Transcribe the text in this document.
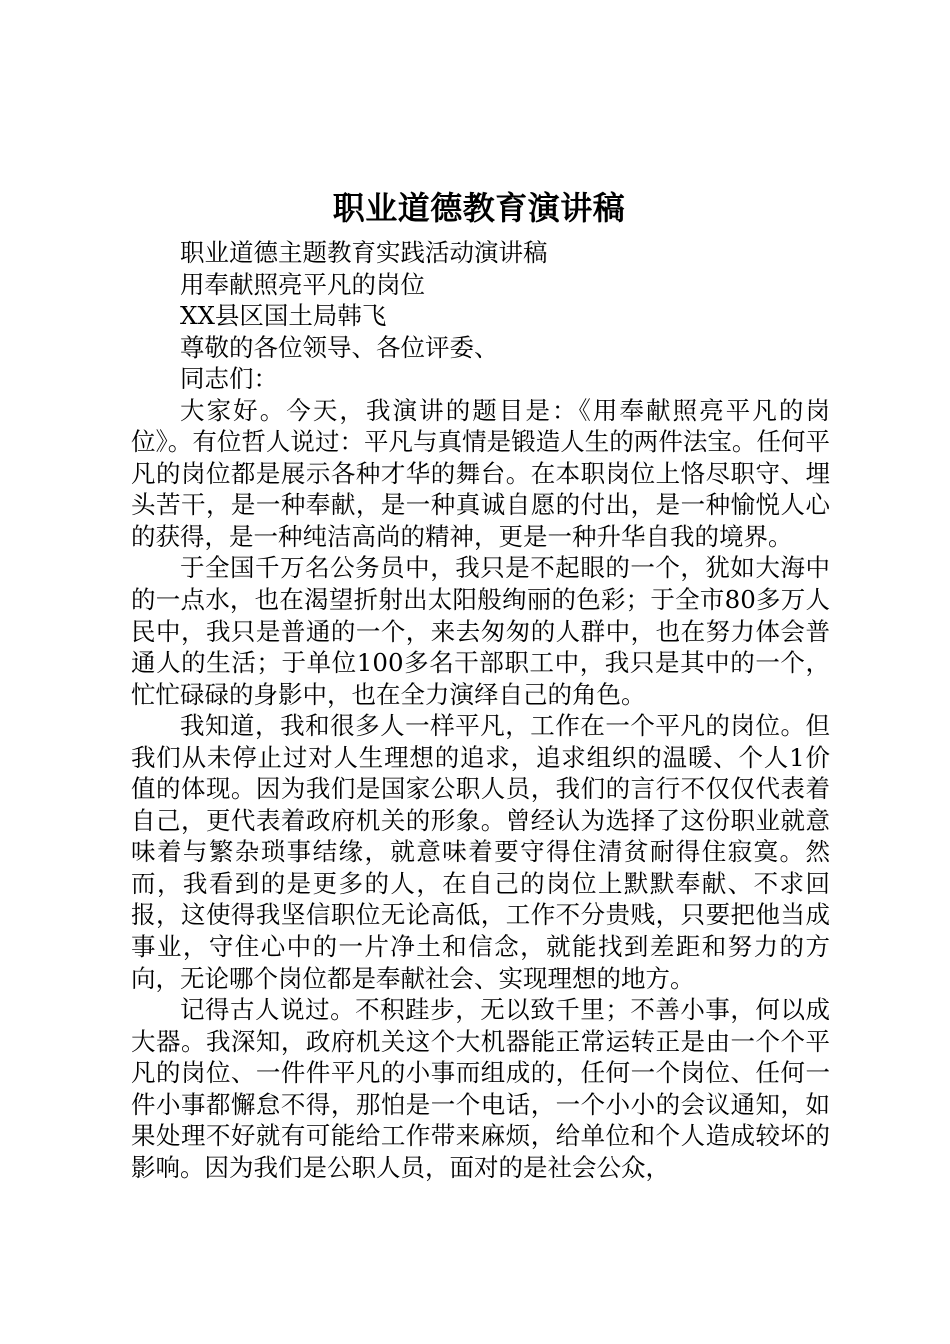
职业道德教育演讲稿

职业道德主题教育实践活动演讲稿

用奉献照亮平凡的岗位

XX县区国土局韩飞

尊敬的各位领导、各位评委、

同志们：

大家好。今天，我演讲的题目是：《用奉献照亮平凡的岗位》。有位哲人说过：平凡与真情是锻造人生的两件法宝。任何平凡的岗位都是展示各种才华的舞台。在本职岗位上恪尽职守、埋头苦干，是一种奉献，是一种真诚自愿的付出，是一种愉悦人心的获得，是一种纯洁高尚的精神，更是一种升华自我的境界。

于全国千万名公务员中，我只是不起眼的一个，犹如大海中的一点水，也在渴望折射出太阳般绚丽的色彩；于全市80多万人民中，我只是普通的一个，来去匆匆的人群中，也在努力体会普通人的生活；于单位100多名干部职工中，我只是其中的一个，忙忙碌碌的身影中，也在全力演绎自己的角色。

我知道，我和很多人一样平凡，工作在一个平凡的岗位。但我们从未停止过对人生理想的追求，追求组织的温暖、个人1价值的体现。因为我们是国家公职人员，我们的言行不仅仅代表着自己，更代表着政府机关的形象。曾经认为选择了这份职业就意味着与繁杂琐事结缘，就意味着要守得住清贫耐得住寂寞。然而，我看到的是更多的人，在自己的岗位上默默奉献、不求回报，这使得我坚信职位无论高低，工作不分贵贱，只要把他当成事业，守住心中的一片净土和信念，就能找到差距和努力的方向，无论哪个岗位都是奉献社会、实现理想的地方。

记得古人说过。不积跬步，无以致千里；不善小事，何以成大器。我深知，政府机关这个大机器能正常运转正是由一个个平凡的岗位、一件件平凡的小事而组成的，任何一个岗位、任何一件小事都懈怠不得，那怕是一个电话，一个小小的会议通知，如果处理不好就有可能给工作带来麻烦，给单位和个人造成较坏的影响。因为我们是公职人员，面对的是社会公众，
